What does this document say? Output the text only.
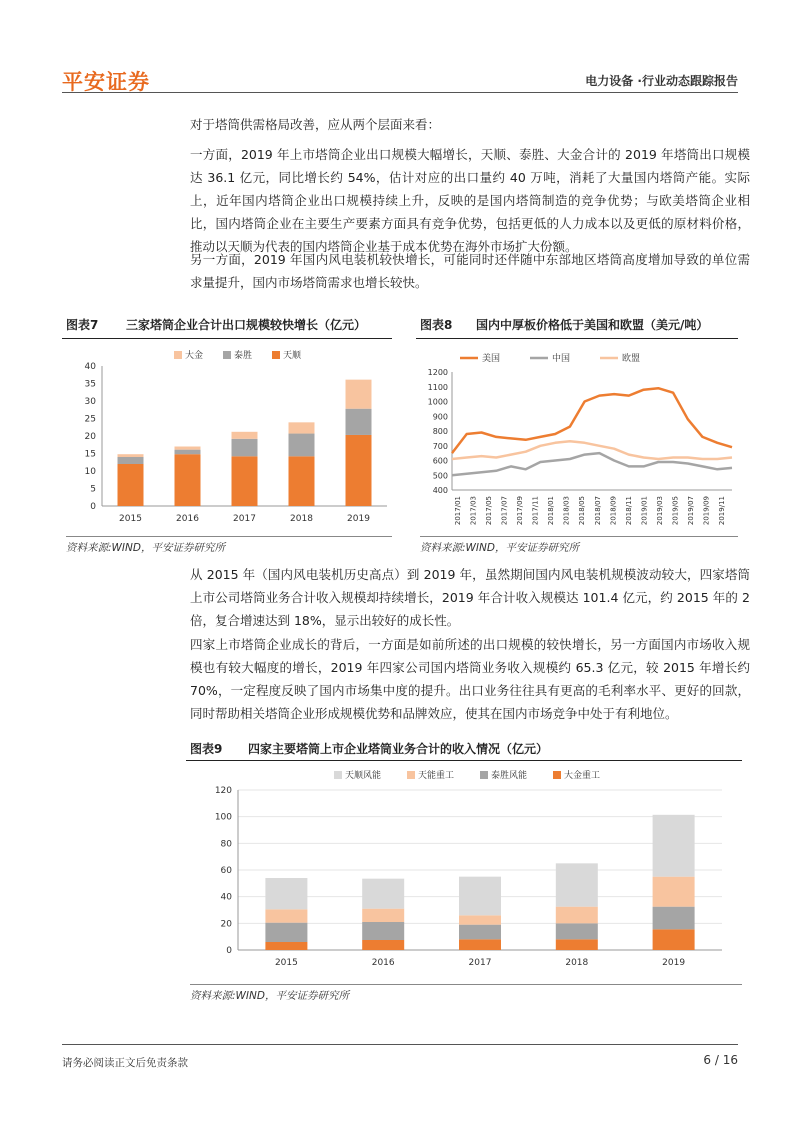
平安证券	电力设备 ·行业动态跟踪报告
对于塔筒供需格局改善，应从两个层面来看：
一方面，2019 年上市塔筒企业出口规模大幅增长，天顺、泰胜、大金合计的 2019 年塔筒出口规模达 36.1 亿元，同比增长约 54%，估计对应的出口量约 40 万吨，消耗了大量国内塔筒产能。实际上，近年国内塔筒企业出口规模持续上升，反映的是国内塔筒制造的竞争优势；与欧美塔筒企业相比，国内塔筒企业在主要生产要素方面具有竞争优势，包括更低的人力成本以及更低的原材料价格，推动以天顺为代表的国内塔筒企业基于成本优势在海外市场扩大份额。
另一方面，2019 年国内风电装机较快增长，可能同时还伴随中东部地区塔筒高度增加导致的单位需求量提升，国内市场塔筒需求也增长较快。
图表7 三家塔筒企业合计出口规模较快增长（亿元）
大金	泰胜	天顺
0
5
10
15
20
25
30
35
40
2015	2016	2017	2018	2019
资料来源:WIND，平安证券研究所
图表8 国内中厚板价格低于美国和欧盟（美元/吨）
美国	中国	欧盟
400
500
600
700
800
900
1000
1100
1200
2017/01 2017/03 2017/05 2017/07 2017/09 2017/11 2018/01 2018/03 2018/05 2018/07 2018/09 2018/11 2019/01 2019/03 2019/05 2019/07 2019/09 2019/11
资料来源:WIND，平安证券研究所
从 2015 年（国内风电装机历史高点）到 2019 年，虽然期间国内风电装机规模波动较大，四家塔筒上市公司塔筒业务合计收入规模却持续增长，2019 年合计收入规模达 101.4 亿元，约 2015 年的 2 倍，复合增速达到 18%，显示出较好的成长性。
四家上市塔筒企业成长的背后，一方面是如前所述的出口规模的较快增长，另一方面国内市场收入规模也有较大幅度的增长，2019 年四家公司国内塔筒业务收入规模约 65.3 亿元，较 2015 年增长约 70%，一定程度反映了国内市场集中度的提升。出口业务往往具有更高的毛利率水平、更好的回款，同时帮助相关塔筒企业形成规模优势和品牌效应，使其在国内市场竞争中处于有利地位。
图表9 四家主要塔筒上市企业塔筒业务合计的收入情况（亿元）
天顺风能	天能重工	泰胜风能	大金重工
0
20
40
60
80
100
120
2015	2016	2017	2018	2019
资料来源:WIND，平安证券研究所
请务必阅读正文后免责条款	6 / 16
